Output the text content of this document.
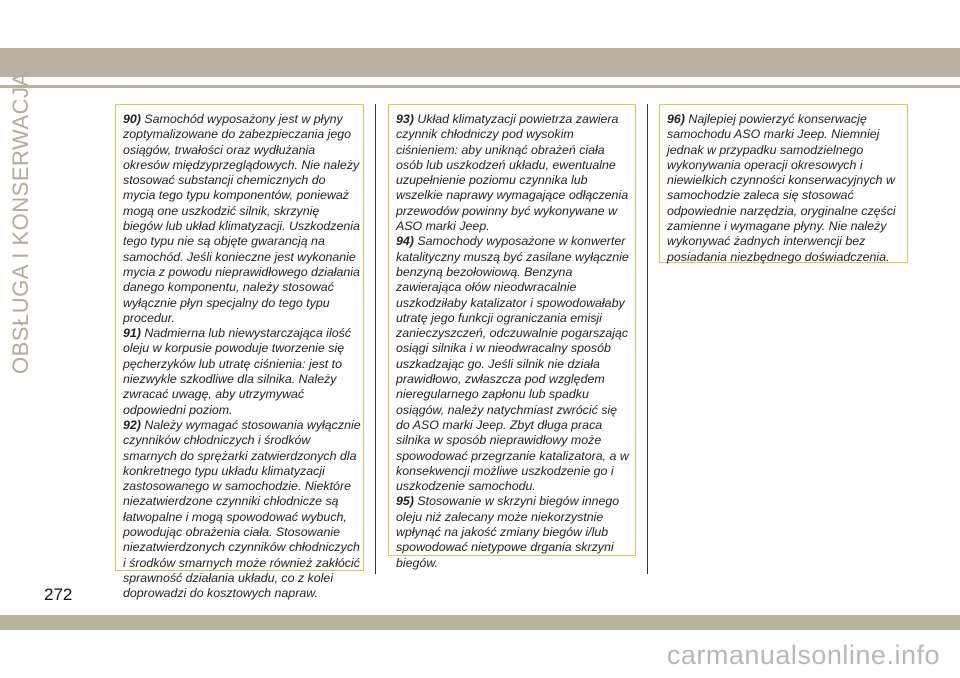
OBSŁUGA I KONSERWACJA	90) Samochód wyposażony jest w płyny zoptymalizowane do zabezpieczania jego osiągów, trwałości oraz wydłużania okresów międzyprzeglądowych. Nie należy stosować substancji chemicznych do mycia tego typu komponentów, ponieważ mogą one uszkodzić silnik, skrzynię biegów lub układ klimatyzacji. Uszkodzenia tego typu nie są objęte gwarancją na samochód. Jeśli konieczne jest wykonanie mycia z powodu nieprawidłowego działania danego komponentu, należy stosować wyłącznie płyn specjalny do tego typu procedur.

91) Nadmierna lub niewystarczająca ilość oleju w korpusie powoduje tworzenie się pęcherzyków lub utratę ciśnienia: jest to niezwykle szkodliwe dla silnika. Należy zwracać uwagę, aby utrzymywać odpowiedni poziom.

92) Należy wymagać stosowania wyłącznie czynników chłodniczych i środków smarnych do sprężarki zatwierdzonych dla konkretnego typu układu klimatyzacji zastosowanego w samochodzie. Niektóre niezatwierdzone czynniki chłodnicze są łatwopalne i mogą spowodować wybuch, powodując obrażenia ciała. Stosowanie niezatwierdzonych czynników chłodniczych i środków smarnych może również zakłócić sprawność działania układu, co z kolei doprowadzi do kosztowych napraw.

93) Układ klimatyzacji powietrza zawiera czynnik chłodniczy pod wysokim ciśnieniem: aby uniknąć obrażeń ciała osób lub uszkodzeń układu, ewentualne uzupełnienie poziomu czynnika lub wszelkie naprawy wymagające odłączenia przewodów powinny być wykonywane w ASO marki Jeep.

94) Samochody wyposażone w konwerter katalityczny muszą być zasilane wyłącznie benzyną bezołowiową. Benzyna zawierająca ołów nieodwracalnie uszkodziłaby katalizator i spowodowałaby utratę jego funkcji ograniczania emisji zanieczyszczeń, odczuwalnie pogarszając osiągi silnika i w nieodwracalny sposób uszkadzając go. Jeśli silnik nie działa prawidłowo, zwłaszcza pod względem nieregularnego zapłonu lub spadku osiągów, należy natychmiast zwrócić się do ASO marki Jeep. Zbyt długa praca silnika w sposób nieprawidłowy może spowodować przegrzanie katalizatora, a w konsekwencji możliwe uszkodzenie go i uszkodzenie samochodu.

95) Stosowanie w skrzyni biegów innego oleju niż zalecany może niekorzystnie wpłynąć na jakość zmiany biegów i/lub spowodować nietypowe drgania skrzyni biegów.

96) Najlepiej powierzyć konserwację samochodu ASO marki Jeep. Niemniej jednak w przypadku samodzielnego wykonywania operacji okresowych i niewielkich czynności konserwacyjnych w samochodzie zaleca się stosować odpowiednie narzędzia, oryginalne części zamienne i wymagane płyny. Nie należy wykonywać żadnych interwencji bez posiadania niezbędnego doświadczenia.

272
carmanualsonline.info
